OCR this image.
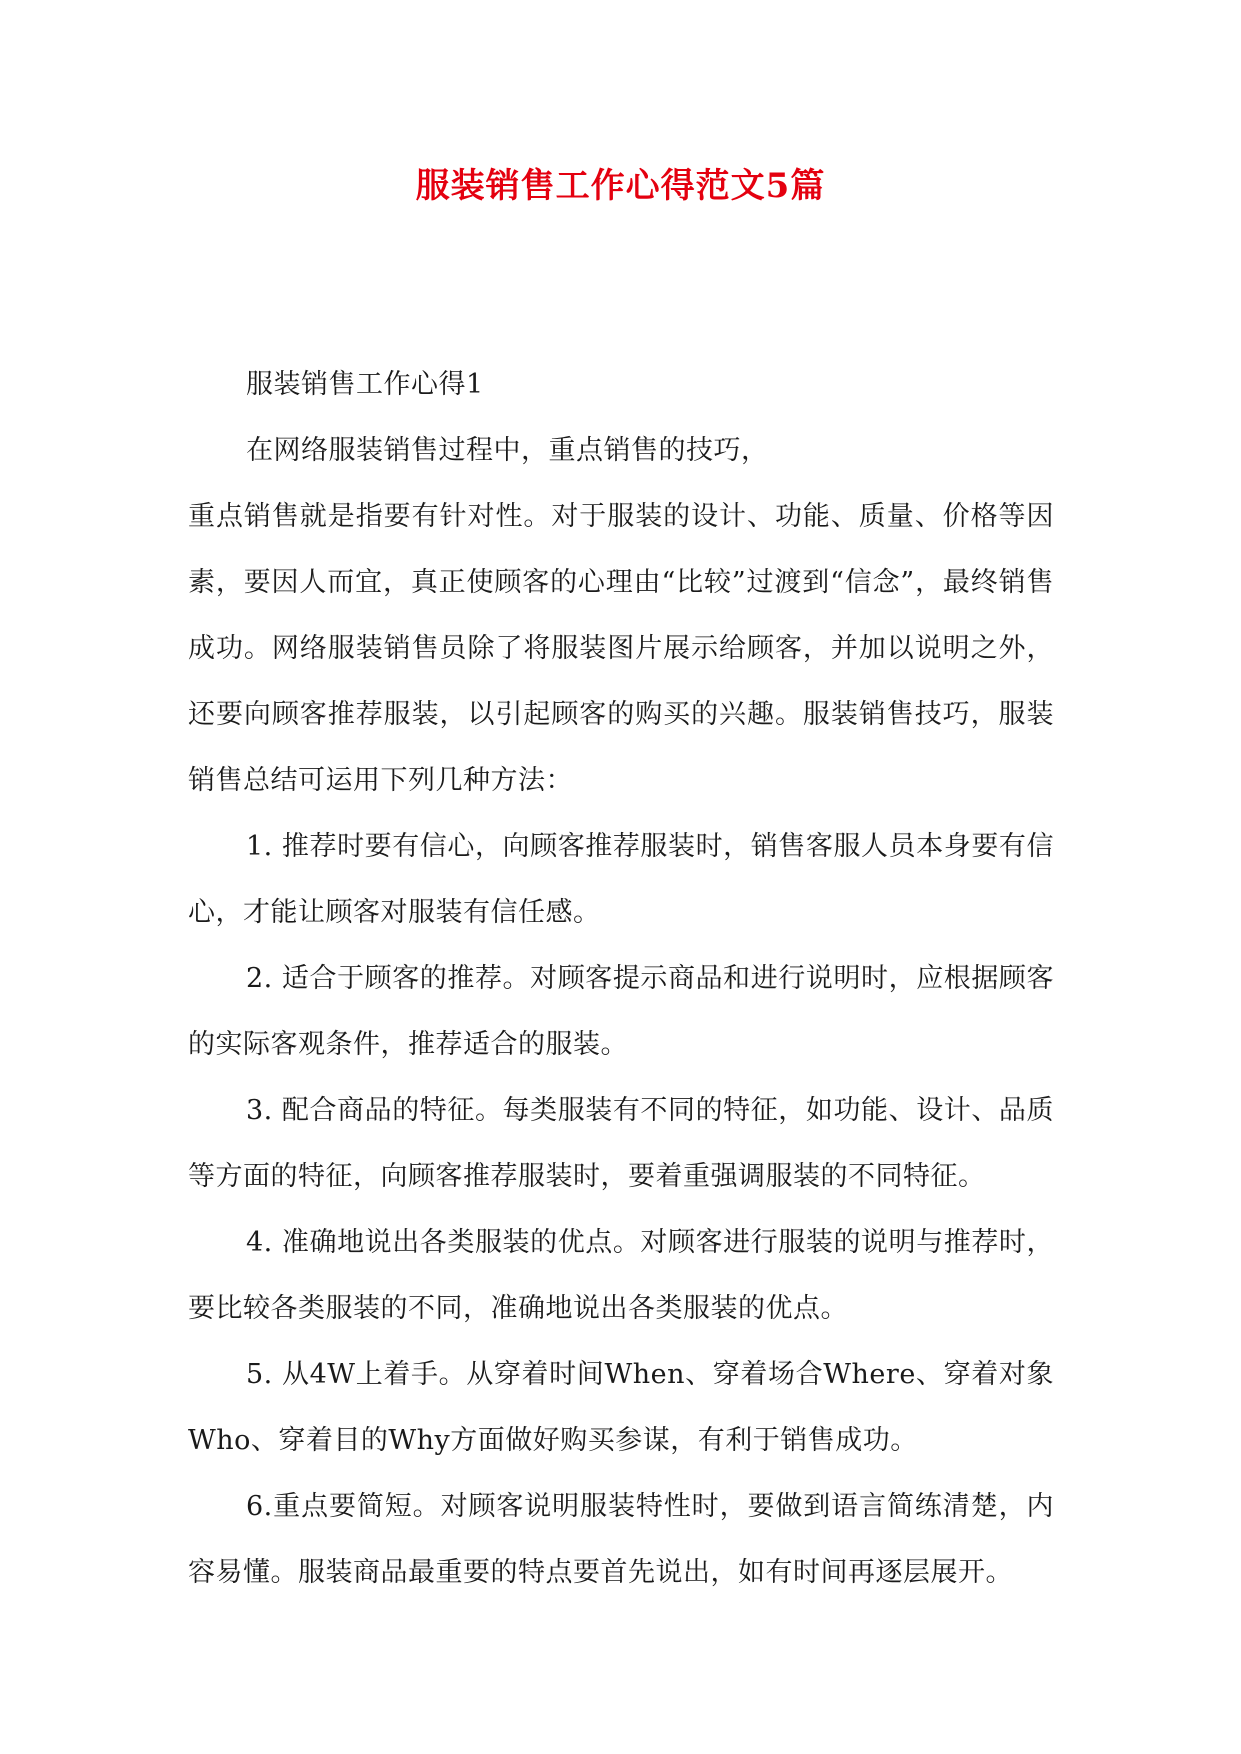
服装销售工作心得范文5篇

服装销售工作心得1

在网络服装销售过程中，重点销售的技巧，

重点销售就是指要有针对性。对于服装的设计、功能、质量、价格等因素，要因人而宜，真正使顾客的心理由“比较”过渡到“信念”，最终销售成功。网络服装销售员除了将服装图片展示给顾客，并加以说明之外，还要向顾客推荐服装，以引起顾客的购买的兴趣。服装销售技巧，服装销售总结可运用下列几种方法：

1. 推荐时要有信心，向顾客推荐服装时，销售客服人员本身要有信心，才能让顾客对服装有信任感。

2. 适合于顾客的推荐。对顾客提示商品和进行说明时，应根据顾客的实际客观条件，推荐适合的服装。

3. 配合商品的特征。每类服装有不同的特征，如功能、设计、品质等方面的特征，向顾客推荐服装时，要着重强调服装的不同特征。

4. 准确地说出各类服装的优点。对顾客进行服装的说明与推荐时，要比较各类服装的不同，准确地说出各类服装的优点。

5. 从4W上着手。从穿着时间When、穿着场合Where、穿着对象Who、穿着目的Why方面做好购买参谋，有利于销售成功。

6.重点要简短。对顾客说明服装特性时，要做到语言简练清楚，内容易懂。服装商品最重要的特点要首先说出，如有时间再逐层展开。
